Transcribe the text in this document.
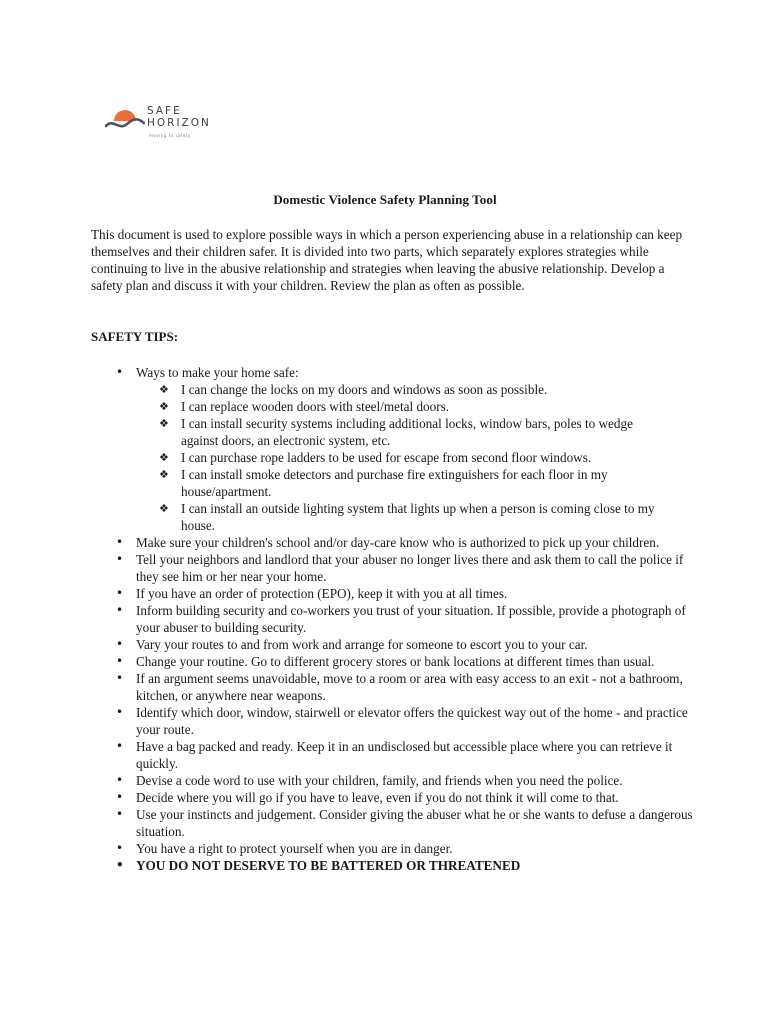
SAFE
HORIZON
moving to safety
Domestic Violence Safety Planning Tool

This document is used to explore possible ways in which a person experiencing abuse in a relationship can keep themselves and their children safer. It is divided into two parts, which separately explores strategies while continuing to live in the abusive relationship and strategies when leaving the abusive relationship. Develop a safety plan and discuss it with your children. Review the plan as often as possible.

SAFETY TIPS:
• Ways to make your home safe:
❖ I can change the locks on my doors and windows as soon as possible.
❖ I can replace wooden doors with steel/metal doors.
❖ I can install security systems including additional locks, window bars, poles to wedge against doors, an electronic system, etc.
❖ I can purchase rope ladders to be used for escape from second floor windows.
❖ I can install smoke detectors and purchase fire extinguishers for each floor in my house/apartment.
❖ I can install an outside lighting system that lights up when a person is coming close to my house.
• Make sure your children's school and/or day-care know who is authorized to pick up your children.
• Tell your neighbors and landlord that your abuser no longer lives there and ask them to call the police if they see him or her near your home.
• If you have an order of protection (EPO), keep it with you at all times.
• Inform building security and co-workers you trust of your situation. If possible, provide a photograph of your abuser to building security.
• Vary your routes to and from work and arrange for someone to escort you to your car.
• Change your routine. Go to different grocery stores or bank locations at different times than usual.
• If an argument seems unavoidable, move to a room or area with easy access to an exit - not a bathroom, kitchen, or anywhere near weapons.
• Identify which door, window, stairwell or elevator offers the quickest way out of the home - and practice your route.
• Have a bag packed and ready. Keep it in an undisclosed but accessible place where you can retrieve it quickly.
• Devise a code word to use with your children, family, and friends when you need the police.
• Decide where you will go if you have to leave, even if you do not think it will come to that.
• Use your instincts and judgement. Consider giving the abuser what he or she wants to defuse a dangerous situation.
• You have a right to protect yourself when you are in danger.
• YOU DO NOT DESERVE TO BE BATTERED OR THREATENED
